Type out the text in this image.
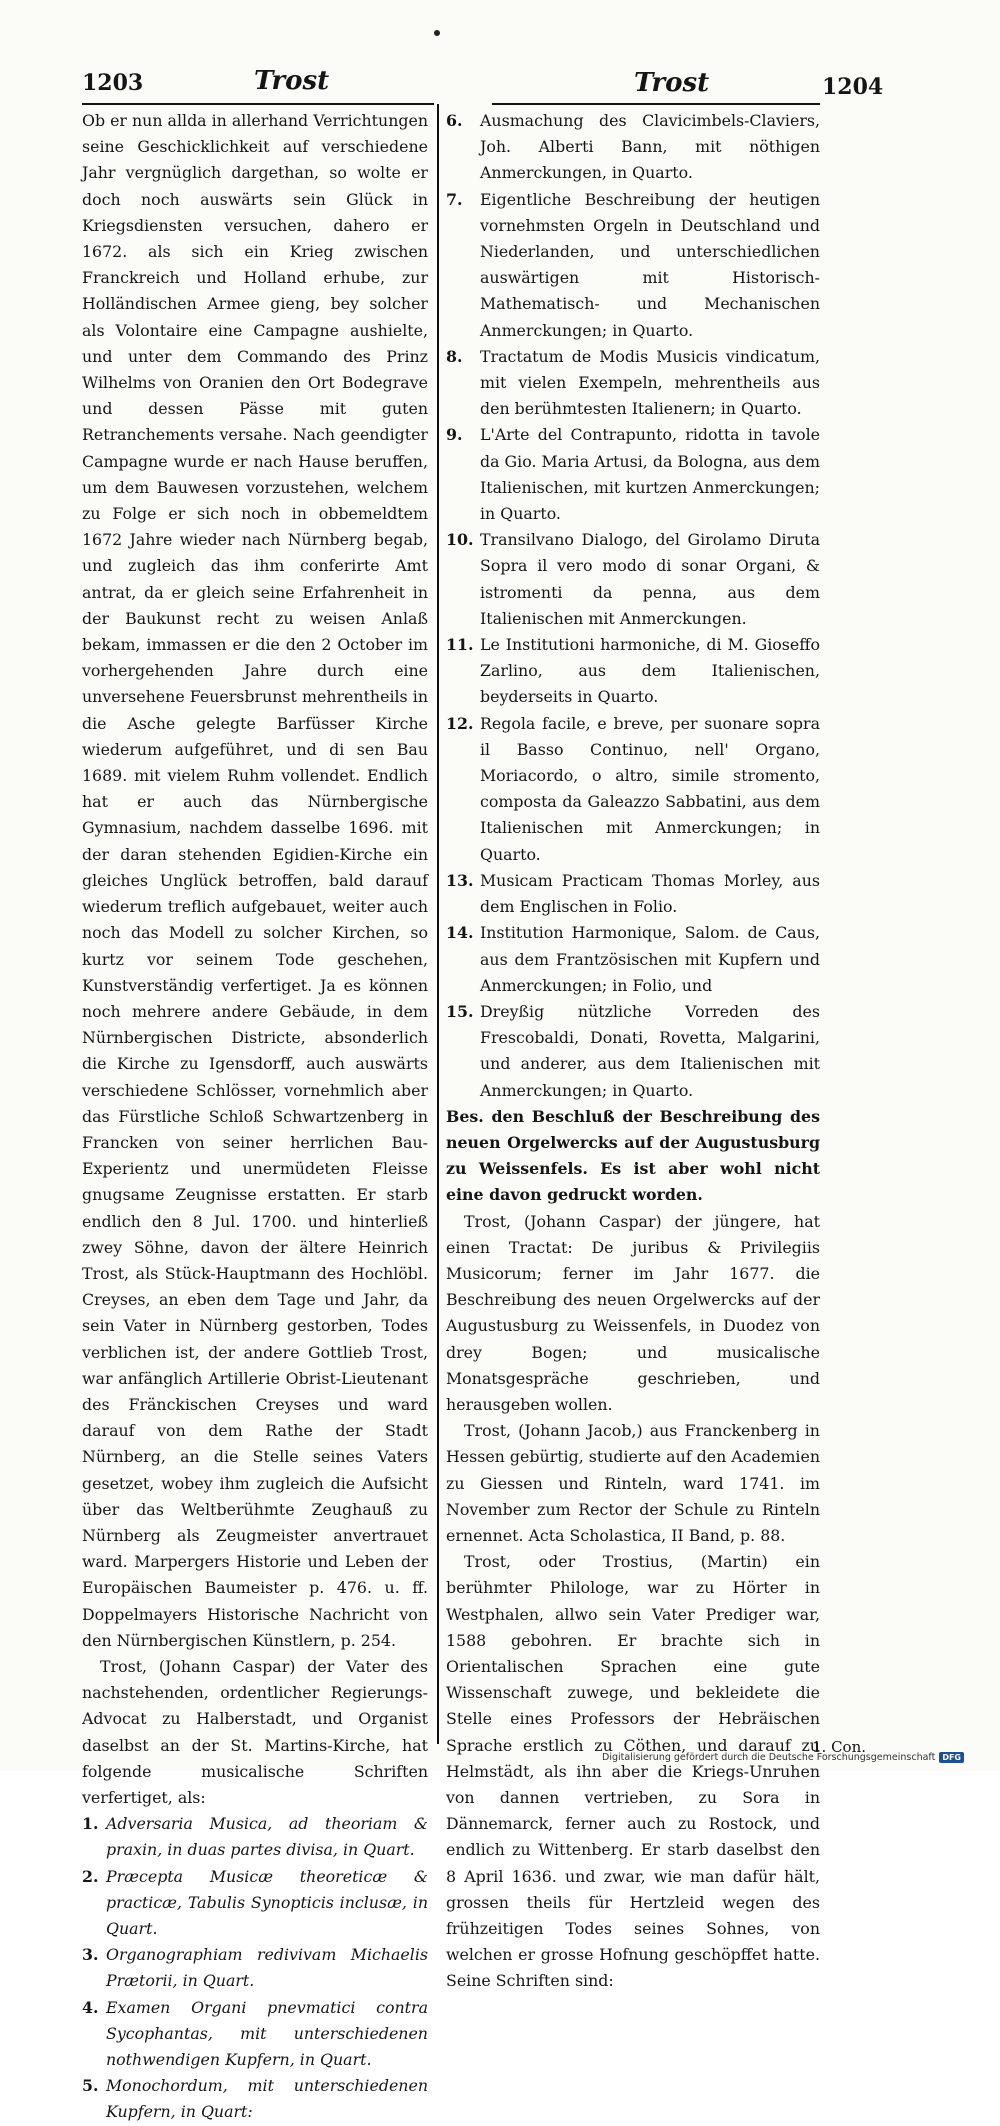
1203	Trost	Trost	1204

Ob er nun allda in allerhand Verrichtungen seine Geschicklichkeit auf verschiedene Jahr vergnüglich dargethan, so wolte er doch noch auswärts sein Glück in Kriegsdiensten versuchen, dahero er 1672. als sich ein Krieg zwischen Franckreich und Holland erhube, zur Holländischen Armee gieng, bey solcher als Volontaire eine Campagne aushielte, und unter dem Commando des Prinz Wilhelms von Oranien den Ort Bodegrave und dessen Pässe mit guten Retranchements versahe. Nach geendigter Campagne wurde er nach Hause beruffen, um dem Bauwesen vorzustehen, welchem zu Folge er sich noch in obbemeldtem 1672 Jahre wieder nach Nürnberg begab, und zugleich das ihm conferirte Amt antrat, da er gleich seine Erfahrenheit in der Baukunst recht zu weisen Anlaß bekam, immassen er die den 2 October im vorhergehenden Jahre durch eine unversehene Feuersbrunst mehrentheils in die Asche gelegte Barfüsser Kirche wiederum aufgeführet, und di sen Bau 1689. mit vielem Ruhm vollendet. Endlich hat er auch das Nürnbergische Gymnasium, nachdem dasselbe 1696. mit der daran stehenden Egidien-Kirche ein gleiches Unglück betroffen, bald darauf wiederum treflich aufgebauet, weiter auch noch das Modell zu solcher Kirchen, so kurtz vor seinem Tode geschehen, Kunstverständig verfertiget. Ja es können noch mehrere andere Gebäude, in dem Nürnbergischen Districte, absonderlich die Kirche zu Igensdorff, auch auswärts verschiedene Schlösser, vornehmlich aber das Fürstliche Schloß Schwartzenberg in Francken von seiner herrlichen Bau-Experientz und unermüdeten Fleisse gnugsame Zeugnisse erstatten. Er starb endlich den 8 Jul. 1700. und hinterließ zwey Söhne, davon der ältere Heinrich Trost, als Stück-Hauptmann des Hochlöbl. Creyses, an eben dem Tage und Jahr, da sein Vater in Nürnberg gestorben, Todes verblichen ist, der andere Gottlieb Trost, war anfänglich Artillerie Obrist-Lieutenant des Fränckischen Creyses und ward darauf von dem Rathe der Stadt Nürnberg, an die Stelle seines Vaters gesetzet, wobey ihm zugleich die Aufsicht über das Weltberühmte Zeughauß zu Nürnberg als Zeugmeister anvertrauet ward. Marpergers Historie und Leben der Europäischen Baumeister p. 476. u. ff. Doppelmayers Historische Nachricht von den Nürnbergischen Künstlern, p. 254.

Trost, (Johann Caspar) der Vater des nachstehenden, ordentlicher Regierungs-Advocat zu Halberstadt, und Organist daselbst an der St. Martins-Kirche, hat folgende musicalische Schriften verfertiget, als:

1. Adversaria Musica, ad theoriam & praxin, in duas partes divisa, in Quart.
2. Præcepta Musicæ theoreticæ & practicæ, Tabulis Synopticis inclusæ, in Quart.
3. Organographiam redivivam Michaelis Prætorii, in Quart.
4. Examen Organi pnevmatici contra Sycophantas, mit unterschiedenen nothwendigen Kupfern, in Quart.
5. Monochordum, mit unterschiedenen Kupfern, in Quart:
6.	Ausmachung des Clavicimbels-Claviers, Joh. Alberti Bann, mit nöthigen Anmerckungen, in Quarto.
7.	Eigentliche Beschreibung der heutigen vornehmsten Orgeln in Deutschland und Niederlanden, und unterschiedlichen auswärtigen mit Historisch-Mathematisch- und Mechanischen Anmerckungen; in Quarto.
8.	Tractatum de Modis Musicis vindicatum, mit vielen Exempeln, mehrentheils aus den berühmtesten Italienern; in Quarto.
9.	L'Arte del Contrapunto, ridotta in tavole da Gio. Maria Artusi, da Bologna, aus dem Italienischen, mit kurtzen Anmerckungen; in Quarto.
10. Transilvano Dialogo, del Girolamo Diruta Sopra il vero modo di sonar Organi, & istromenti da penna, aus dem Italienischen mit Anmerckungen.
11. Le Institutioni harmoniche, di M. Gioseffo Zarlino, aus dem Italienischen, beyderseits in Quarto.
12. Regola facile, e breve, per suonare sopra il Basso Continuo, nell' Organo, Moriacordo, o altro, simile stromento, composta da Galeazzo Sabbatini, aus dem Italienischen mit Anmerckungen; in Quarto.
13. Musicam Practicam Thomas Morley, aus dem Englischen in Folio.
14. Institution Harmonique, Salom. de Caus, aus dem Frantzösischen mit Kupfern und Anmerckungen; in Folio, und
15. Dreyßig nützliche Vorreden des Frescobaldi, Donati, Rovetta, Malgarini, und anderer, aus dem Italienischen mit Anmerckungen; in Quarto.

Bes. den Beschluß der Beschreibung des neuen Orgelwercks auf der Augustusburg zu Weissenfels. Es ist aber wohl nicht eine davon gedruckt worden.

Trost, (Johann Caspar) der jüngere, hat einen Tractat: De juribus & Privilegiis Musicorum; ferner im Jahr 1677. die Beschreibung des neuen Orgelwercks auf der Augustusburg zu Weissenfels, in Duodez von drey Bogen; und musicalische Monatsgespräche geschrieben, und herausgeben wollen.

Trost, (Johann Jacob,) aus Franckenberg in Hessen gebürtig, studierte auf den Academien zu Giessen und Rinteln, ward 1741. im November zum Rector der Schule zu Rinteln ernennet. Acta Scholastica, II Band, p. 88.

Trost, oder Trostius, (Martin) ein berühmter Philologe, war zu Hörter in Westphalen, allwo sein Vater Prediger war, 1588 gebohren. Er brachte sich in Orientalischen Sprachen eine gute Wissenschaft zuwege, und bekleidete die Stelle eines Professors der Hebräischen Sprache erstlich zu Cöthen, und darauf zu Helmstädt, als ihn aber die Kriegs-Unruhen von dannen vertrieben, zu Sora in Dännemarck, ferner auch zu Rostock, und endlich zu Wittenberg. Er starb daselbst den 8 April 1636. und zwar, wie man dafür hält, grossen theils für Hertzleid wegen des frühzeitigen Todes seines Sohnes, von welchen er grosse Hofnung geschöpffet hatte. Seine Schriften sind:

1. Con.
Digitalisierung gefördert durch die Deutsche Forschungsgemeinschaft DFG
